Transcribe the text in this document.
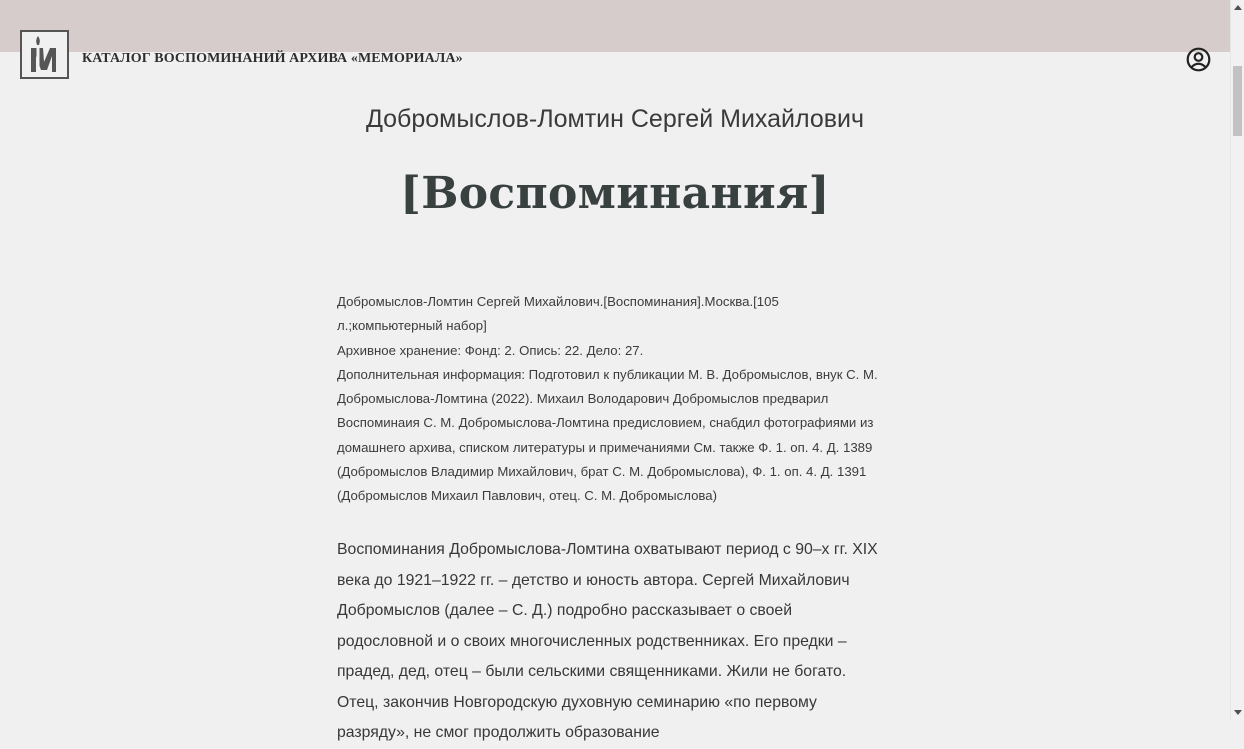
КАТАЛОГ ВОСПОМИНАНИЙ АРХИВА «МЕМОРИАЛА»
Добромыслов-Ломтин Сергей Михайлович
[Воспоминания]

Добромыслов-Ломтин Сергей Михайлович.[Воспоминания].Москва.[105 л.;компьютерный набор]

Архивное хранение: Фонд: 2. Опись: 22. Дело: 27.

Дополнительная информация: Подготовил к публикации М. В. Добромыслов, внук С. М. Добромыслова-Ломтина (2022). Михаил Володарович Добромыслов предварил Воспоминаия С. М. Добромыслова-Ломтина предисловием, снабдил фотографиями из домашнего архива, списком литературы и примечаниями См. также Ф. 1. оп. 4. Д. 1389 (Добромыслов Владимир Михайлович, брат С. М. Добромыслова), Ф. 1. оп. 4. Д. 1391 (Добромыслов Михаил Павлович, отец. С. М. Добромыслова)

Воспоминания Добромыслова-Ломтина охватывают период с 90–х гг. XIX века до 1921–1922 гг. – детство и юность автора. Сергей Михайлович Добромыслов (далее – С. Д.) подробно рассказывает о своей родословной и о своих многочисленных родственниках. Его предки – прадед, дед, отец – были сельскими священниками. Жили не богато. Отец, закончив Новгородскую духовную семинарию «по первому разряду», не смог продолжить образование
